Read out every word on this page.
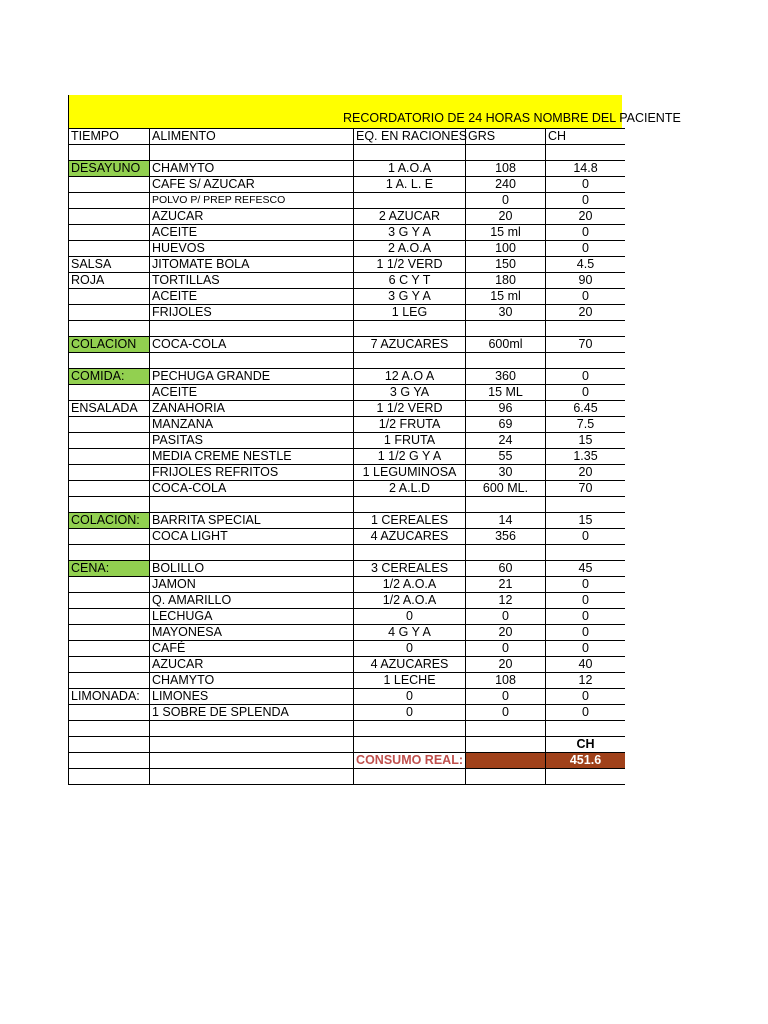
RECORDATORIO DE 24 HORAS NOMBRE DEL PACIENTE
TIEMPO	ALIMENTO	EQ. EN RACIONES	GRS	CH

DESAYUNO	CHAMYTO	1 A.O.A	108	14.8
	CAFE S/ AZUCAR	1 A. L. E	240	0
	POLVO P/ PREP REFESCO		0	0
	AZUCAR	2 AZUCAR	20	20
	ACEITE	3 G Y A	15 ml	0
	HUEVOS	2 A.O.A	100	0
SALSA	JITOMATE BOLA	1 1/2 VERD	150	4.5
ROJA	TORTILLAS	6 C Y T	180	90
	ACEITE	3 G Y A	15 ml	0
	FRIJOLES	1 LEG	30	20

COLACION	COCA-COLA	7 AZUCARES	600ml	70

COMIDA:	PECHUGA GRANDE	12 A.O A	360	0
	ACEITE	3 G YA	15 ML	0
ENSALADA	ZANAHORIA	1 1/2 VERD	96	6.45
	MANZANA	1/2 FRUTA	69	7.5
	PASITAS	1 FRUTA	24	15
	MEDIA CREME NESTLE	1 1/2 G Y A	55	1.35
	FRIJOLES REFRITOS	1 LEGUMINOSA	30	20
	COCA-COLA	2 A.L.D	600 ML.	70

COLACION:	BARRITA SPECIAL	1 CEREALES	14	15
	COCA LIGHT	4 AZUCARES	356	0

CENA:	BOLILLO	3 CEREALES	60	45
	JAMON	1/2 A.O.A	21	0
	Q. AMARILLO	1/2 A.O.A	12	0
	LECHUGA	0	0	0
	MAYONESA	4 G Y A	20	0
	CAFÉ	0	0	0
	AZUCAR	4 AZUCARES	20	40
	CHAMYTO	1 LECHE	108	12
LIMONADA:	LIMONES	0	0	0
	1 SOBRE DE SPLENDA	0	0	0

				CH
		CONSUMO REAL:		451.6
